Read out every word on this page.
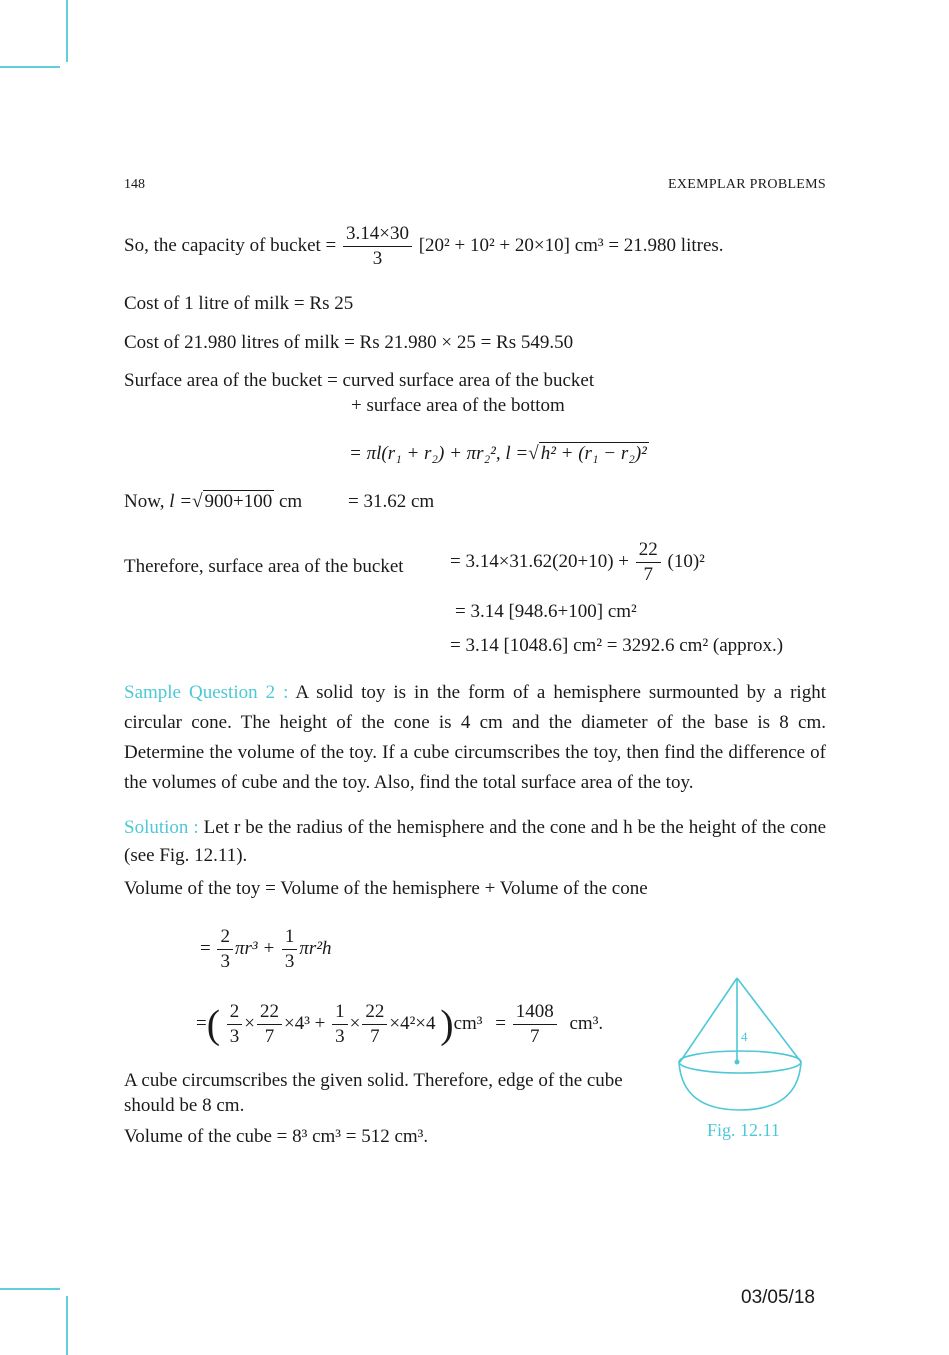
148	EXEMPLAR PROBLEMS
So, the capacity of bucket = $\frac{3.14\times 30}{3} [20^2 + 10^2 + 20\times 10] cm^3 = 21.980$ litres.
Cost of 1 litre of milk = Rs 25
Cost of 21.980 litres of milk = Rs 21.980 × 25 = Rs 549.50
Surface area of the bucket = curved surface area of the bucket
+ surface area of the bottom
= πl(r₁ + r₂) + πr₂², l =√ h² + (r₁ − r₂)²
Now, l =√ 900+100 cm = 31.62 cm
Therefore, surface area of the bucket = $3.14\times 31.62(20+10) + \frac{22}{7} (10)^2$
= 3.14 [948.6+100] cm²
= 3.14 [1048.6] cm² = 3292.6 cm² (approx.)
Sample Question 2 : A solid toy is in the form of a hemisphere surmounted by a right circular cone. The height of the cone is 4 cm and the diameter of the base is 8 cm. Determine the volume of the toy. If a cube circumscribes the toy, then find the difference of the volumes of cube and the toy. Also, find the total surface area of the toy.
Solution : Let r be the radius of the hemisphere and the cone and h be the height of the cone (see Fig. 12.11).
Volume of the toy = Volume of the hemisphere + Volume of the cone
= $\frac{2}{3} \pi r^3 + \frac{1}{3} \pi r^2h$
=( $\frac{2}{3} \times \frac{22}{7} \times 4^3 + \frac{1}{3} \times \frac{22}{7} \times 4^2\times 4$ )$cm^3 = \frac{1408}{7} cm^3$.
A cube circumscribes the given solid. Therefore, edge of the cube should be 8 cm.
Volume of the cube = 8³ cm³ = 512 cm³.
4
Fig. 12.11
03/05/18
